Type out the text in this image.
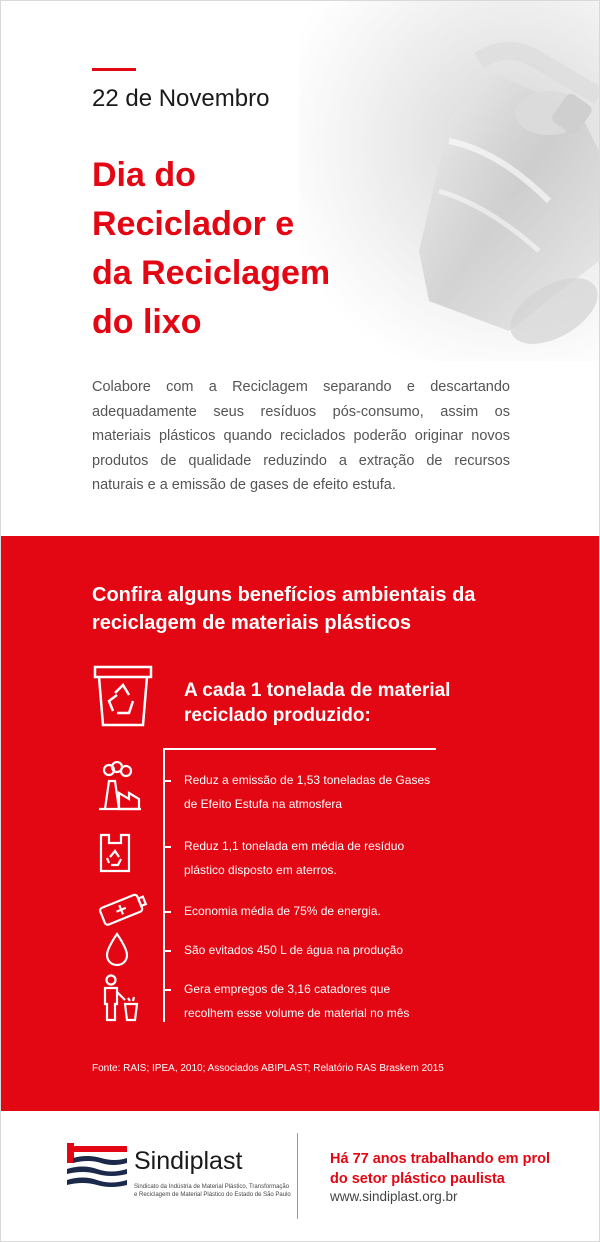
22 de Novembro
Dia do
Reciclador e
da Reciclagem
do lixo

Colabore com a Reciclagem separando e descartando adequadamente seus resíduos pós-consumo, assim os materiais plásticos quando reciclados poderão originar novos produtos de qualidade reduzindo a extração de recursos naturais e a emissão de gases de efeito estufa.

Confira alguns benefícios ambientais da reciclagem de materiais plásticos
A cada 1 tonelada de material reciclado produzido:
Reduz a emissão de 1,53 toneladas de Gases de Efeito Estufa na atmosfera
Reduz 1,1 tonelada em média de resíduo plástico disposto em aterros.
Economia média de 75% de energia.
São evitados 450 L de água na produção
Gera empregos de 3,16 catadores que recolhem esse volume de material no mês
Fonte: RAIS; IPEA, 2010; Associados ABIPLAST; Relatório RAS Braskem 2015
Sindiplast
Sindicato da Indústria de Material Plástico, Transformação e Reciclagem de Material Plástico do Estado de São Paulo
Há 77 anos trabalhando em prol do setor plástico paulista
www.sindiplast.org.br
